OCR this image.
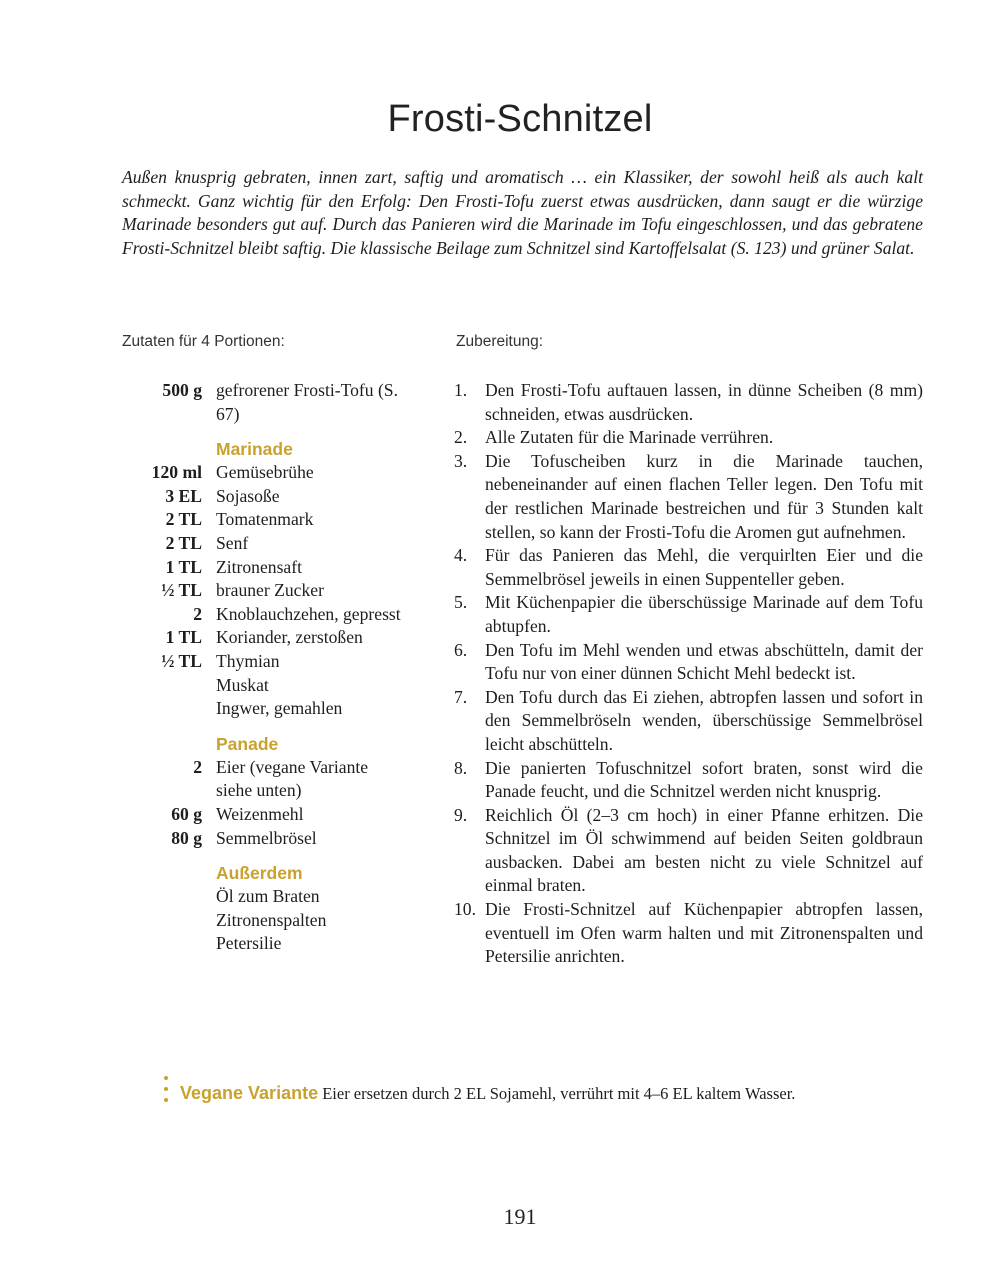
Frosti-Schnitzel
Außen knusprig gebraten, innen zart, saftig und aromatisch … ein Klassiker, der sowohl heiß als auch kalt schmeckt. Ganz wichtig für den Erfolg: Den Frosti-Tofu zuerst etwas ausdrücken, dann saugt er die würzige Marinade besonders gut auf. Durch das Panieren wird die Marinade im Tofu eingeschlossen, und das gebratene Frosti-Schnitzel bleibt saftig. Die klassische Beilage zum Schnitzel sind Kartoffelsalat (S. 123) und grüner Salat.
Zutaten für 4 Portionen:	Zubereitung:
500 g gefrorener Frosti-Tofu (S. 67)
Marinade
120 ml Gemüsebrühe
3 EL Sojasoße
2 TL Tomatenmark
2 TL Senf
1 TL Zitronensaft
½ TL brauner Zucker
2 Knoblauchzehen, gepresst
1 TL Koriander, zerstoßen
½ TL Thymian
Muskat
Ingwer, gemahlen
Panade
2 Eier (vegane Variante siehe unten)
60 g Weizenmehl
80 g Semmelbrösel
Außerdem
Öl zum Braten
Zitronenspalten
Petersilie
1.	Den Frosti-Tofu auftauen lassen, in dünne Scheiben (8 mm) schneiden, etwas ausdrücken.
2.	Alle Zutaten für die Marinade verrühren.
3.	Die Tofuscheiben kurz in die Marinade tauchen, nebeneinander auf einen flachen Teller legen. Den Tofu mit der restlichen Marinade bestreichen und für 3 Stunden kalt stellen, so kann der Frosti-Tofu die Aromen gut aufnehmen.
4.	Für das Panieren das Mehl, die verquirlten Eier und die Semmelbrösel jeweils in einen Suppenteller geben.
5.	Mit Küchenpapier die überschüssige Marinade auf dem Tofu abtupfen.
6.	Den Tofu im Mehl wenden und etwas abschütteln, damit der Tofu nur von einer dünnen Schicht Mehl bedeckt ist.
7.	Den Tofu durch das Ei ziehen, abtropfen lassen und sofort in den Semmelbröseln wenden, überschüssige Semmelbrösel leicht abschütteln.
8.	Die panierten Tofuschnitzel sofort braten, sonst wird die Panade feucht, und die Schnitzel werden nicht knusprig.
9.	Reichlich Öl (2–3 cm hoch) in einer Pfanne erhitzen. Die Schnitzel im Öl schwimmend auf beiden Seiten goldbraun ausbacken. Dabei am besten nicht zu viele Schnitzel auf einmal braten.
10. Die Frosti-Schnitzel auf Küchenpapier abtropfen lassen, eventuell im Ofen warm halten und mit Zitronenspalten und Petersilie anrichten.
Vegane Variante Eier ersetzen durch 2 EL Sojamehl, verrührt mit 4–6 EL kaltem Wasser.
191
